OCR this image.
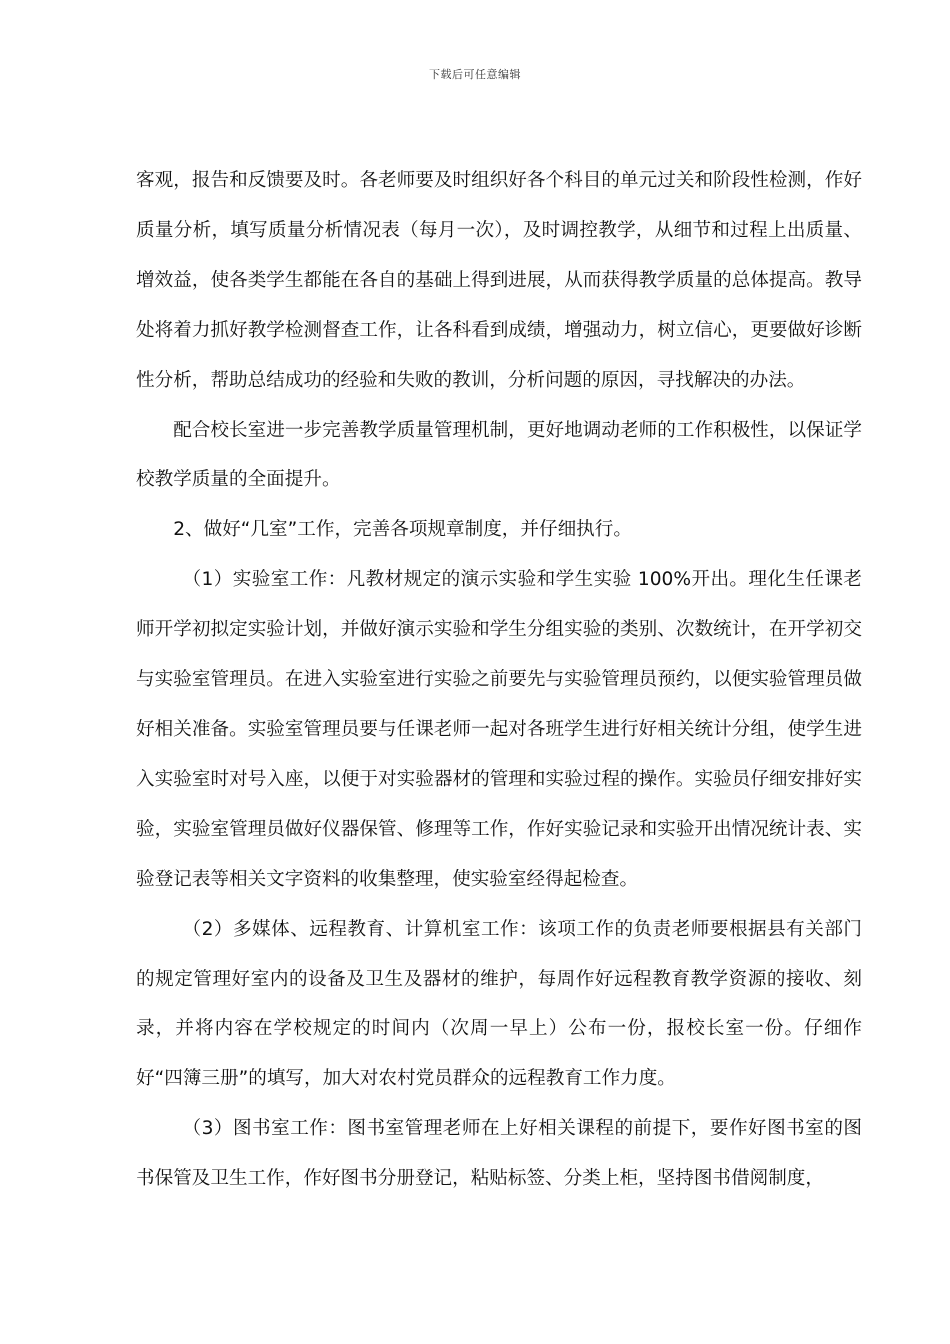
下载后可任意编辑

客观，报告和反馈要及时。各老师要及时组织好各个科目的单元过关和阶段性检测，作好质量分析，填写质量分析情况表（每月一次），及时调控教学，从细节和过程上出质量、增效益，使各类学生都能在各自的基础上得到进展，从而获得教学质量的总体提高。教导处将着力抓好教学检测督查工作，让各科看到成绩，增强动力，树立信心，更要做好诊断性分析，帮助总结成功的经验和失败的教训，分析问题的原因，寻找解决的办法。

配合校长室进一步完善教学质量管理机制，更好地调动老师的工作积极性，以保证学校教学质量的全面提升。

2、做好“几室”工作，完善各项规章制度，并仔细执行。

（1）实验室工作：凡教材规定的演示实验和学生实验 100%开出。理化生任课老师开学初拟定实验计划，并做好演示实验和学生分组实验的类别、次数统计，在开学初交与实验室管理员。在进入实验室进行实验之前要先与实验管理员预约，以便实验管理员做好相关准备。实验室管理员要与任课老师一起对各班学生进行好相关统计分组，使学生进入实验室时对号入座，以便于对实验器材的管理和实验过程的操作。实验员仔细安排好实验，实验室管理员做好仪器保管、修理等工作，作好实验记录和实验开出情况统计表、实验登记表等相关文字资料的收集整理，使实验室经得起检查。

（2）多媒体、远程教育、计算机室工作：该项工作的负责老师要根据县有关部门的规定管理好室内的设备及卫生及器材的维护，每周作好远程教育教学资源的接收、刻录，并将内容在学校规定的时间内（次周一早上）公布一份，报校长室一份。仔细作好“四簿三册”的填写，加大对农村党员群众的远程教育工作力度。

（3）图书室工作：图书室管理老师在上好相关课程的前提下，要作好图书室的图书保管及卫生工作，作好图书分册登记，粘贴标签、分类上柜，坚持图书借阅制度，
